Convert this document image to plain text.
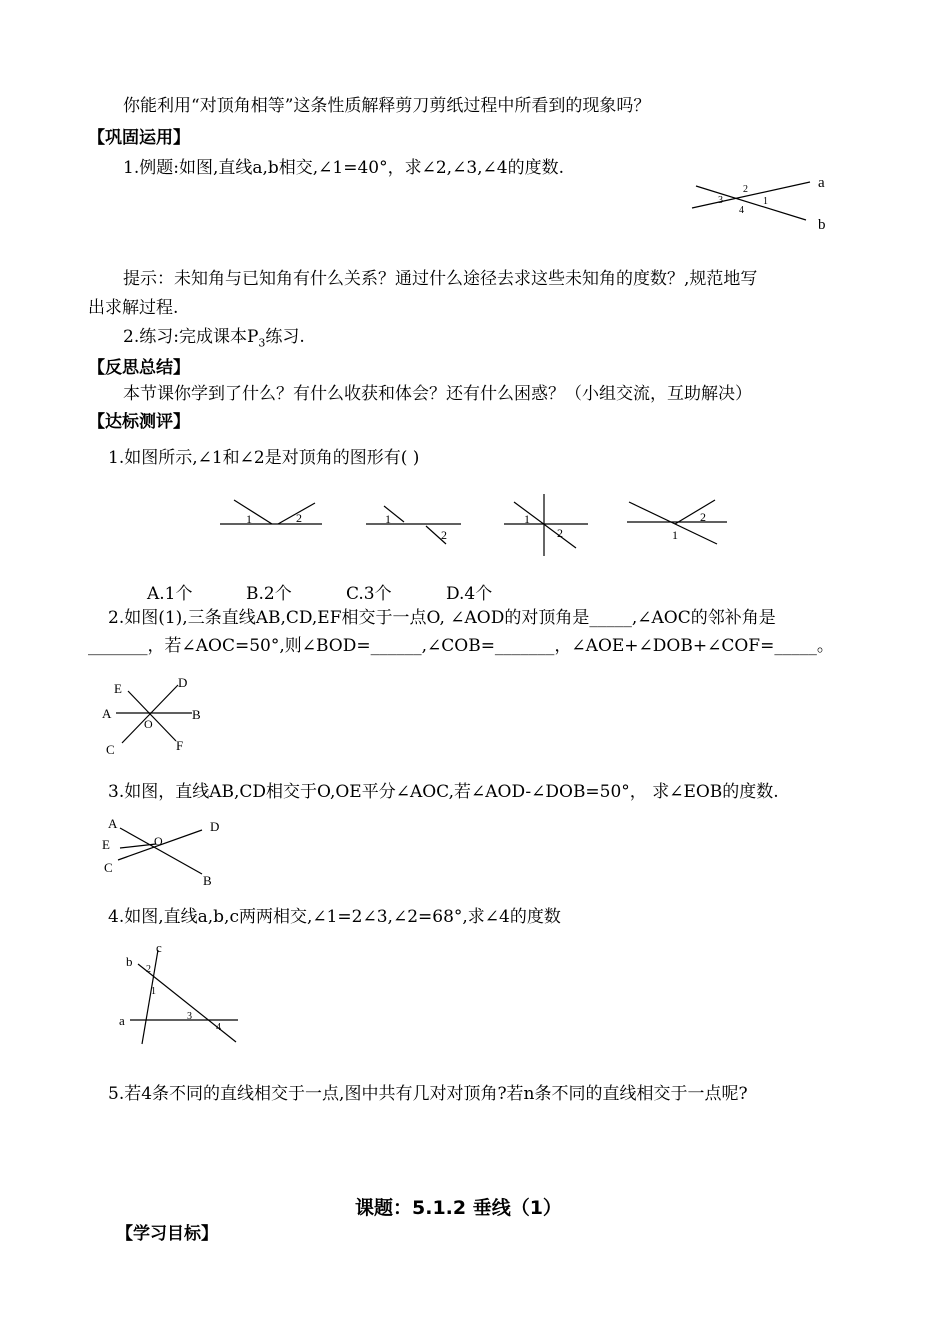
你能利用“对顶角相等”这条性质解释剪刀剪纸过程中所看到的现象吗？
【巩固运用】
1.例题:如图,直线a,b相交,∠1=40°，求∠2,∠3,∠4的度数.
a
b
2
1
3
4
提示：未知角与已知角有什么关系？通过什么途径去求这些未知角的度数？,规范地写
出求解过程.
2.练习:完成课本$P_3$练习.
【反思总结】
本节课你学到了什么？有什么收获和体会？还有什么困惑？（小组交流，互助解决）
【达标测评】
1.如图所示,∠1和∠2是对顶角的图形有( )
1	2	1
2
1
2
2
1
A.1个	B.2个	C.3个	D.4个
2.如图(1),三条直线AB,CD,EF相交于一点O, ∠AOD的对顶角是_____,∠AOC的邻补角是
_______，若∠AOC=50°,则∠BOD=______,∠COB=_______，∠AOE+∠DOB+∠COF=_____。
E	D
A	B
O
C	F
3.如图，直线AB,CD相交于O,OE平分∠AOC,若∠AOD-∠DOB=50°， 求∠EOB的度数.
A	D
E	O
C
B
4.如图,直线a,b,c两两相交,∠1=2∠3,∠2=68°,求∠4的度数
c
b
2
1
a	3
4
5.若4条不同的直线相交于一点,图中共有几对对顶角?若n条不同的直线相交于一点呢?
课题：5.1.2 垂线（1）
【学习目标】
